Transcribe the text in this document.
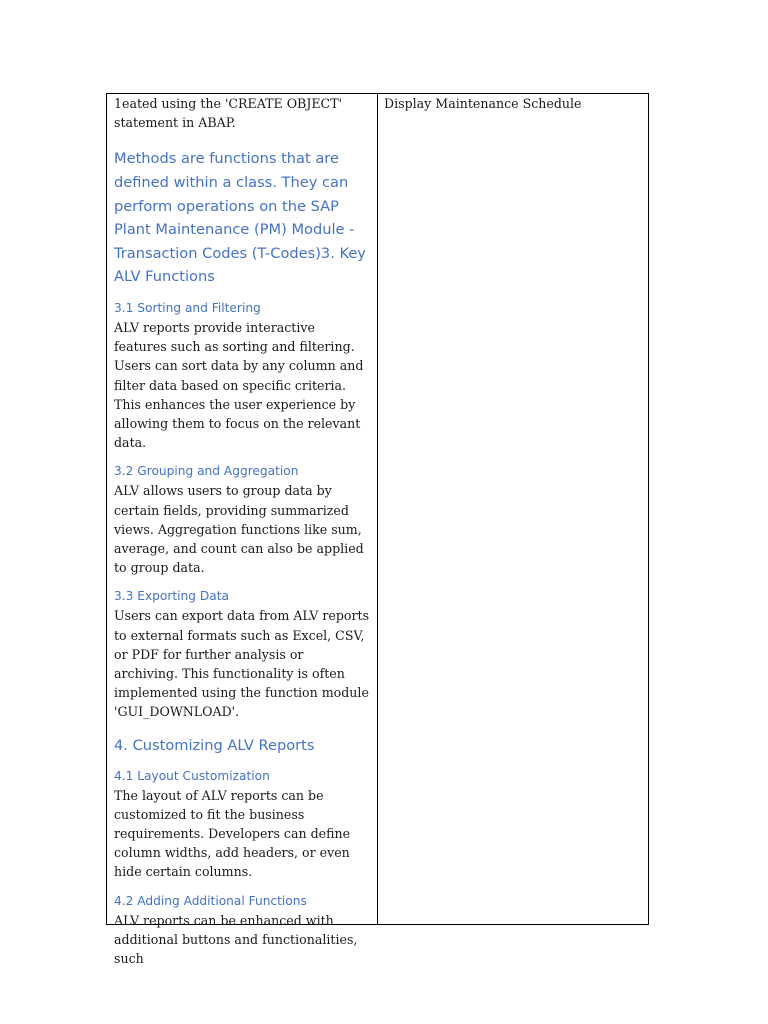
1eated using the 'CREATE OBJECT' statement in ABAP.

Methods are functions that are defined within a class. They can perform operations on the SAP Plant Maintenance (PM) Module - Transaction Codes (T-Codes)3. Key ALV Functions
3.1 Sorting and Filtering

ALV reports provide interactive features such as sorting and filtering. Users can sort data by any column and filter data based on specific criteria. This enhances the user experience by allowing them to focus on the relevant data.

3.2 Grouping and Aggregation

ALV allows users to group data by certain fields, providing summarized views. Aggregation functions like sum, average, and count can also be applied to group data.

3.3 Exporting Data

Users can export data from ALV reports to external formats such as Excel, CSV, or PDF for further analysis or archiving. This functionality is often implemented using the function module 'GUI_DOWNLOAD'.

4. Customizing ALV Reports
4.1 Layout Customization

The layout of ALV reports can be customized to fit the business requirements. Developers can define column widths, add headers, or even hide certain columns.

4.2 Adding Additional Functions

ALV reports can be enhanced with additional buttons and functionalities, such

Display Maintenance Schedule
